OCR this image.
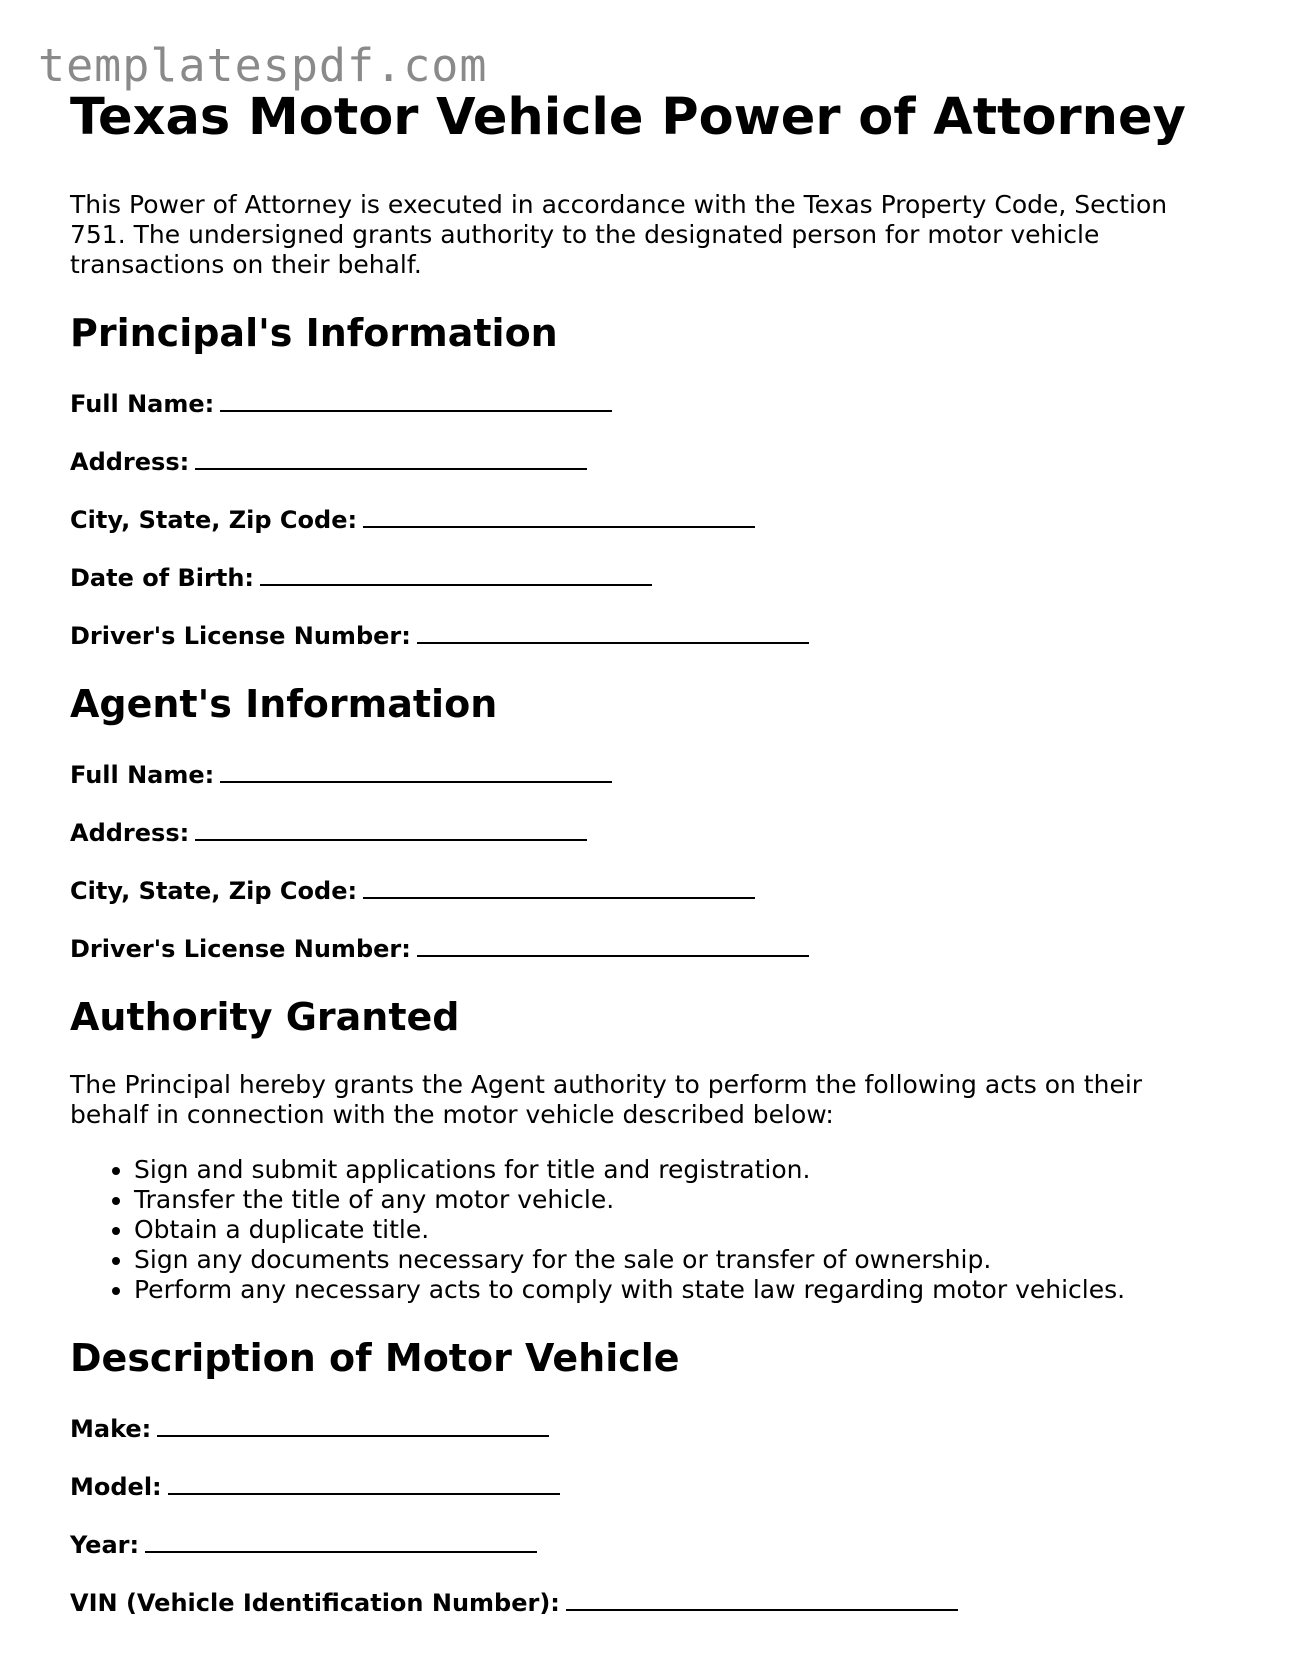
templatespdf.com

Texas Motor Vehicle Power of Attorney

This Power of Attorney is executed in accordance with the Texas Property Code, Section 751. The undersigned grants authority to the designated person for motor vehicle transactions on their behalf.

Principal's Information
Full Name:
Address:
City, State, Zip Code:
Date of Birth:
Driver's License Number:
Agent's Information
Full Name:
Address:
City, State, Zip Code:
Driver's License Number:
Authority Granted

The Principal hereby grants the Agent authority to perform the following acts on their behalf in connection with the motor vehicle described below:

• Sign and submit applications for title and registration.
• Transfer the title of any motor vehicle.
• Obtain a duplicate title.
• Sign any documents necessary for the sale or transfer of ownership.
• Perform any necessary acts to comply with state law regarding motor vehicles.
Description of Motor Vehicle
Make:
Model:
Year:
VIN (Vehicle Identification Number):
